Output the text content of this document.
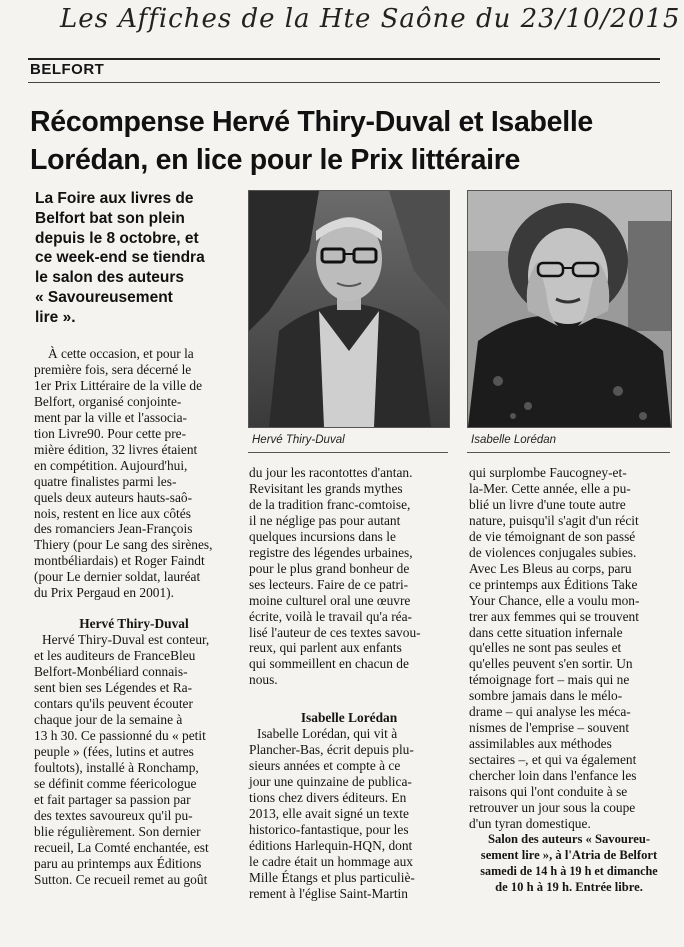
Les Affiches de la Hte Saône du 23/10/2015
BELFORT
Récompense Hervé Thiry-Duval et Isabelle
Lorédan, en lice pour le Prix littéraire
La Foire aux livres de
Belfort bat son plein
depuis le 8 octobre, et
ce week-end se tiendra
le salon des auteurs
« Savoureusement
lire ».
Hervé Thiry-Duval	Isabelle Lorédan
À cette occasion, et pour la
première fois, sera décerné le
1er Prix Littéraire de la ville de
Belfort, organisé conjointe-
ment par la ville et l'associa-
tion Livre90. Pour cette pre-
mière édition, 32 livres étaient
en compétition. Aujourd'hui,
quatre finalistes parmi les-
quels deux auteurs hauts-saô-
nois, restent en lice aux côtés
des romanciers Jean-François
Thiery (pour Le sang des sirènes,
montbéliardais) et Roger Faindt
(pour Le dernier soldat, lauréat
du Prix Pergaud en 2001).
Hervé Thiry-Duval
Hervé Thiry-Duval est conteur,
et les auditeurs de FranceBleu
Belfort-Monbéliard connais-
sent bien ses Légendes et Ra-
contars qu'ils peuvent écouter
chaque jour de la semaine à
13 h 30. Ce passionné du « petit
peuple » (fées, lutins et autres
foultots), installé à Ronchamp,
se définit comme féericologue
et fait partager sa passion par
des textes savoureux qu'il pu-
blie régulièrement. Son dernier
recueil, La Comté enchantée, est
paru au printemps aux Éditions
Sutton. Ce recueil remet au goût
du jour les racontottes d'antan.
Revisitant les grands mythes
de la tradition franc-comtoise,
il ne néglige pas pour autant
quelques incursions dans le
registre des légendes urbaines,
pour le plus grand bonheur de
ses lecteurs. Faire de ce patri-
moine culturel oral une œuvre
écrite, voilà le travail qu'a réa-
lisé l'auteur de ces textes savou-
reux, qui parlent aux enfants
qui sommeillent en chacun de
nous.
Isabelle Lorédan
Isabelle Lorédan, qui vit à
Plancher-Bas, écrit depuis plu-
sieurs années et compte à ce
jour une quinzaine de publica-
tions chez divers éditeurs. En
2013, elle avait signé un texte
historico-fantastique, pour les
éditions Harlequin-HQN, dont
le cadre était un hommage aux
Mille Étangs et plus particuliè-
rement à l'église Saint-Martin
qui surplombe Faucogney-et-
la-Mer. Cette année, elle a pu-
blié un livre d'une toute autre
nature, puisqu'il s'agit d'un récit
de vie témoignant de son passé
de violences conjugales subies.
Avec Les Bleus au corps, paru
ce printemps aux Éditions Take
Your Chance, elle a voulu mon-
trer aux femmes qui se trouvent
dans cette situation infernale
qu'elles ne sont pas seules et
qu'elles peuvent s'en sortir. Un
témoignage fort – mais qui ne
sombre jamais dans le mélo-
drame – qui analyse les méca-
nismes de l'emprise – souvent
assimilables aux méthodes
sectaires –, et qui va également
chercher loin dans l'enfance les
raisons qui l'ont conduite à se
retrouver un jour sous la coupe
d'un tyran domestique.
Salon des auteurs « Savoureu-
sement lire », à l'Atria de Belfort
samedi de 14 h à 19 h et dimanche
de 10 h à 19 h. Entrée libre.
